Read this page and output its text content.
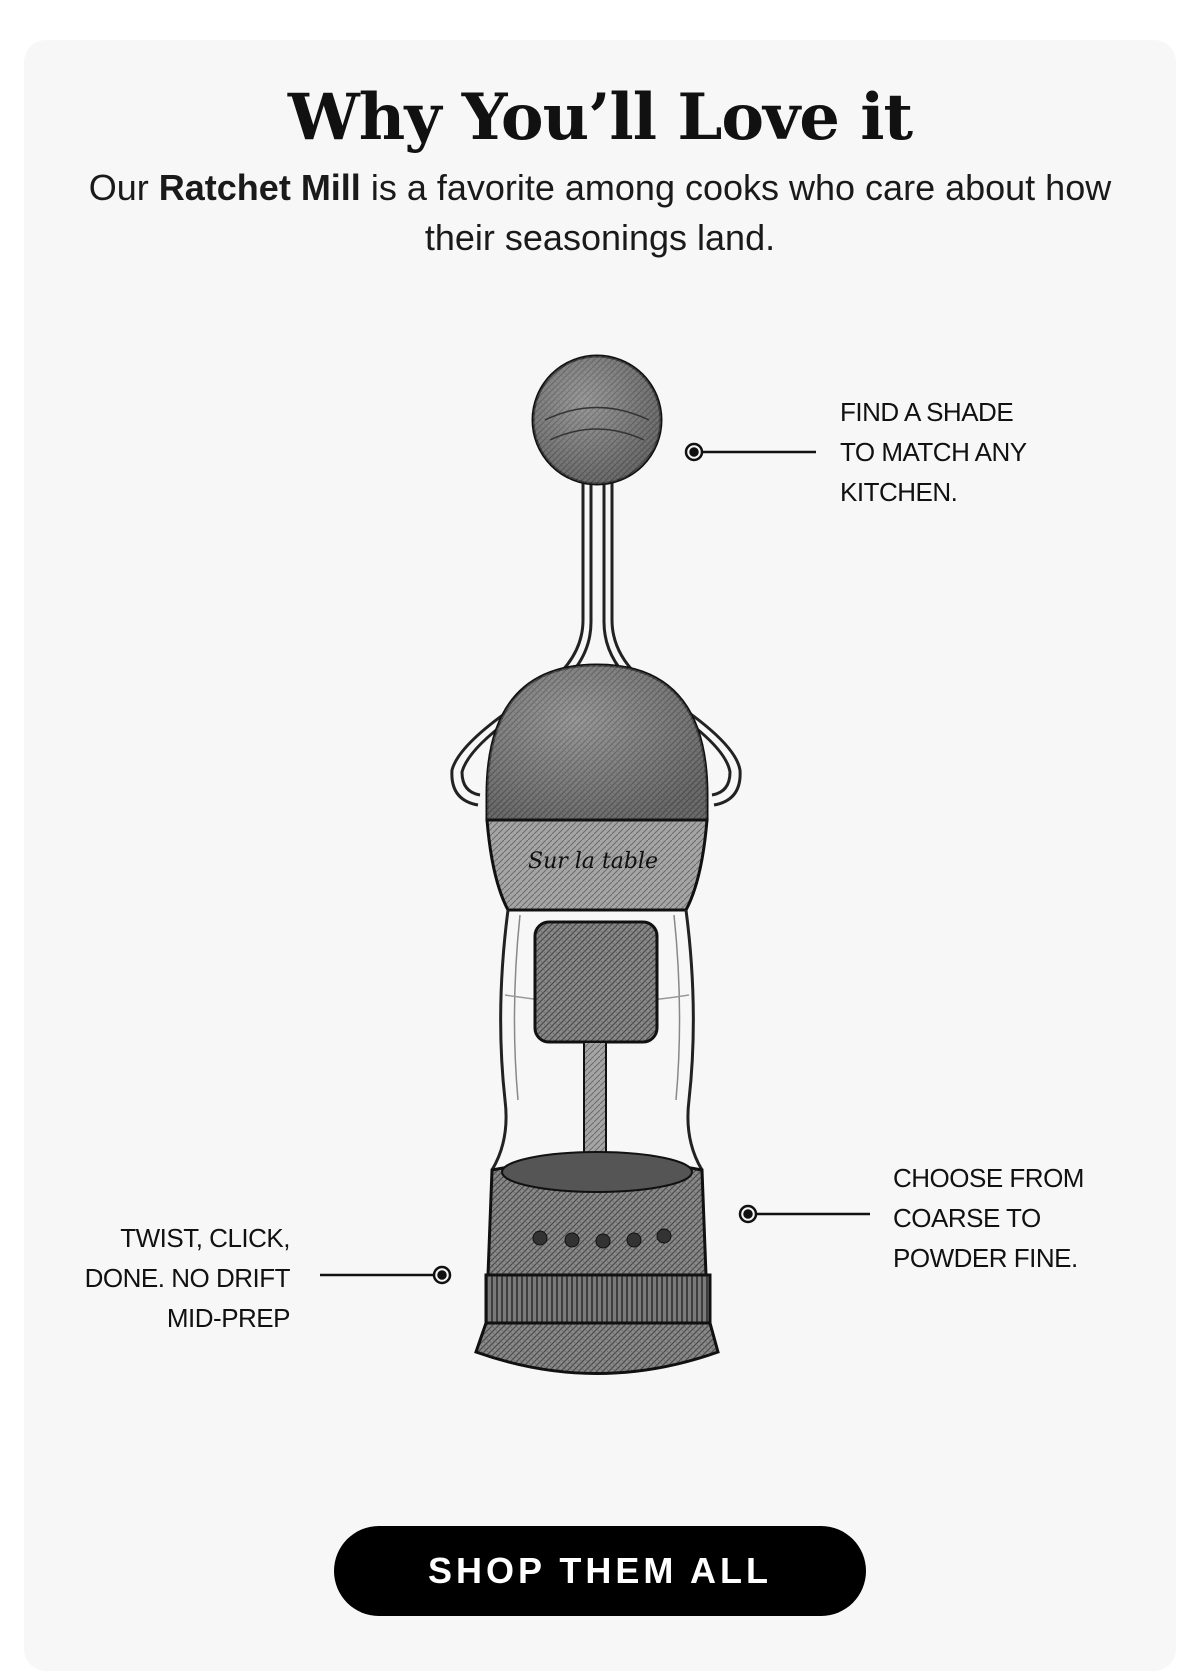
Why You’ll Love it

Our Ratchet Mill is a favorite among cooks who care about how their seasonings land.

Sur la table
FIND A SHADE
TO MATCH ANY
KITCHEN.
CHOOSE FROM
COARSE TO
POWDER FINE.
TWIST, CLICK,
DONE. NO DRIFT
MID-PREP
SHOP THEM ALL
